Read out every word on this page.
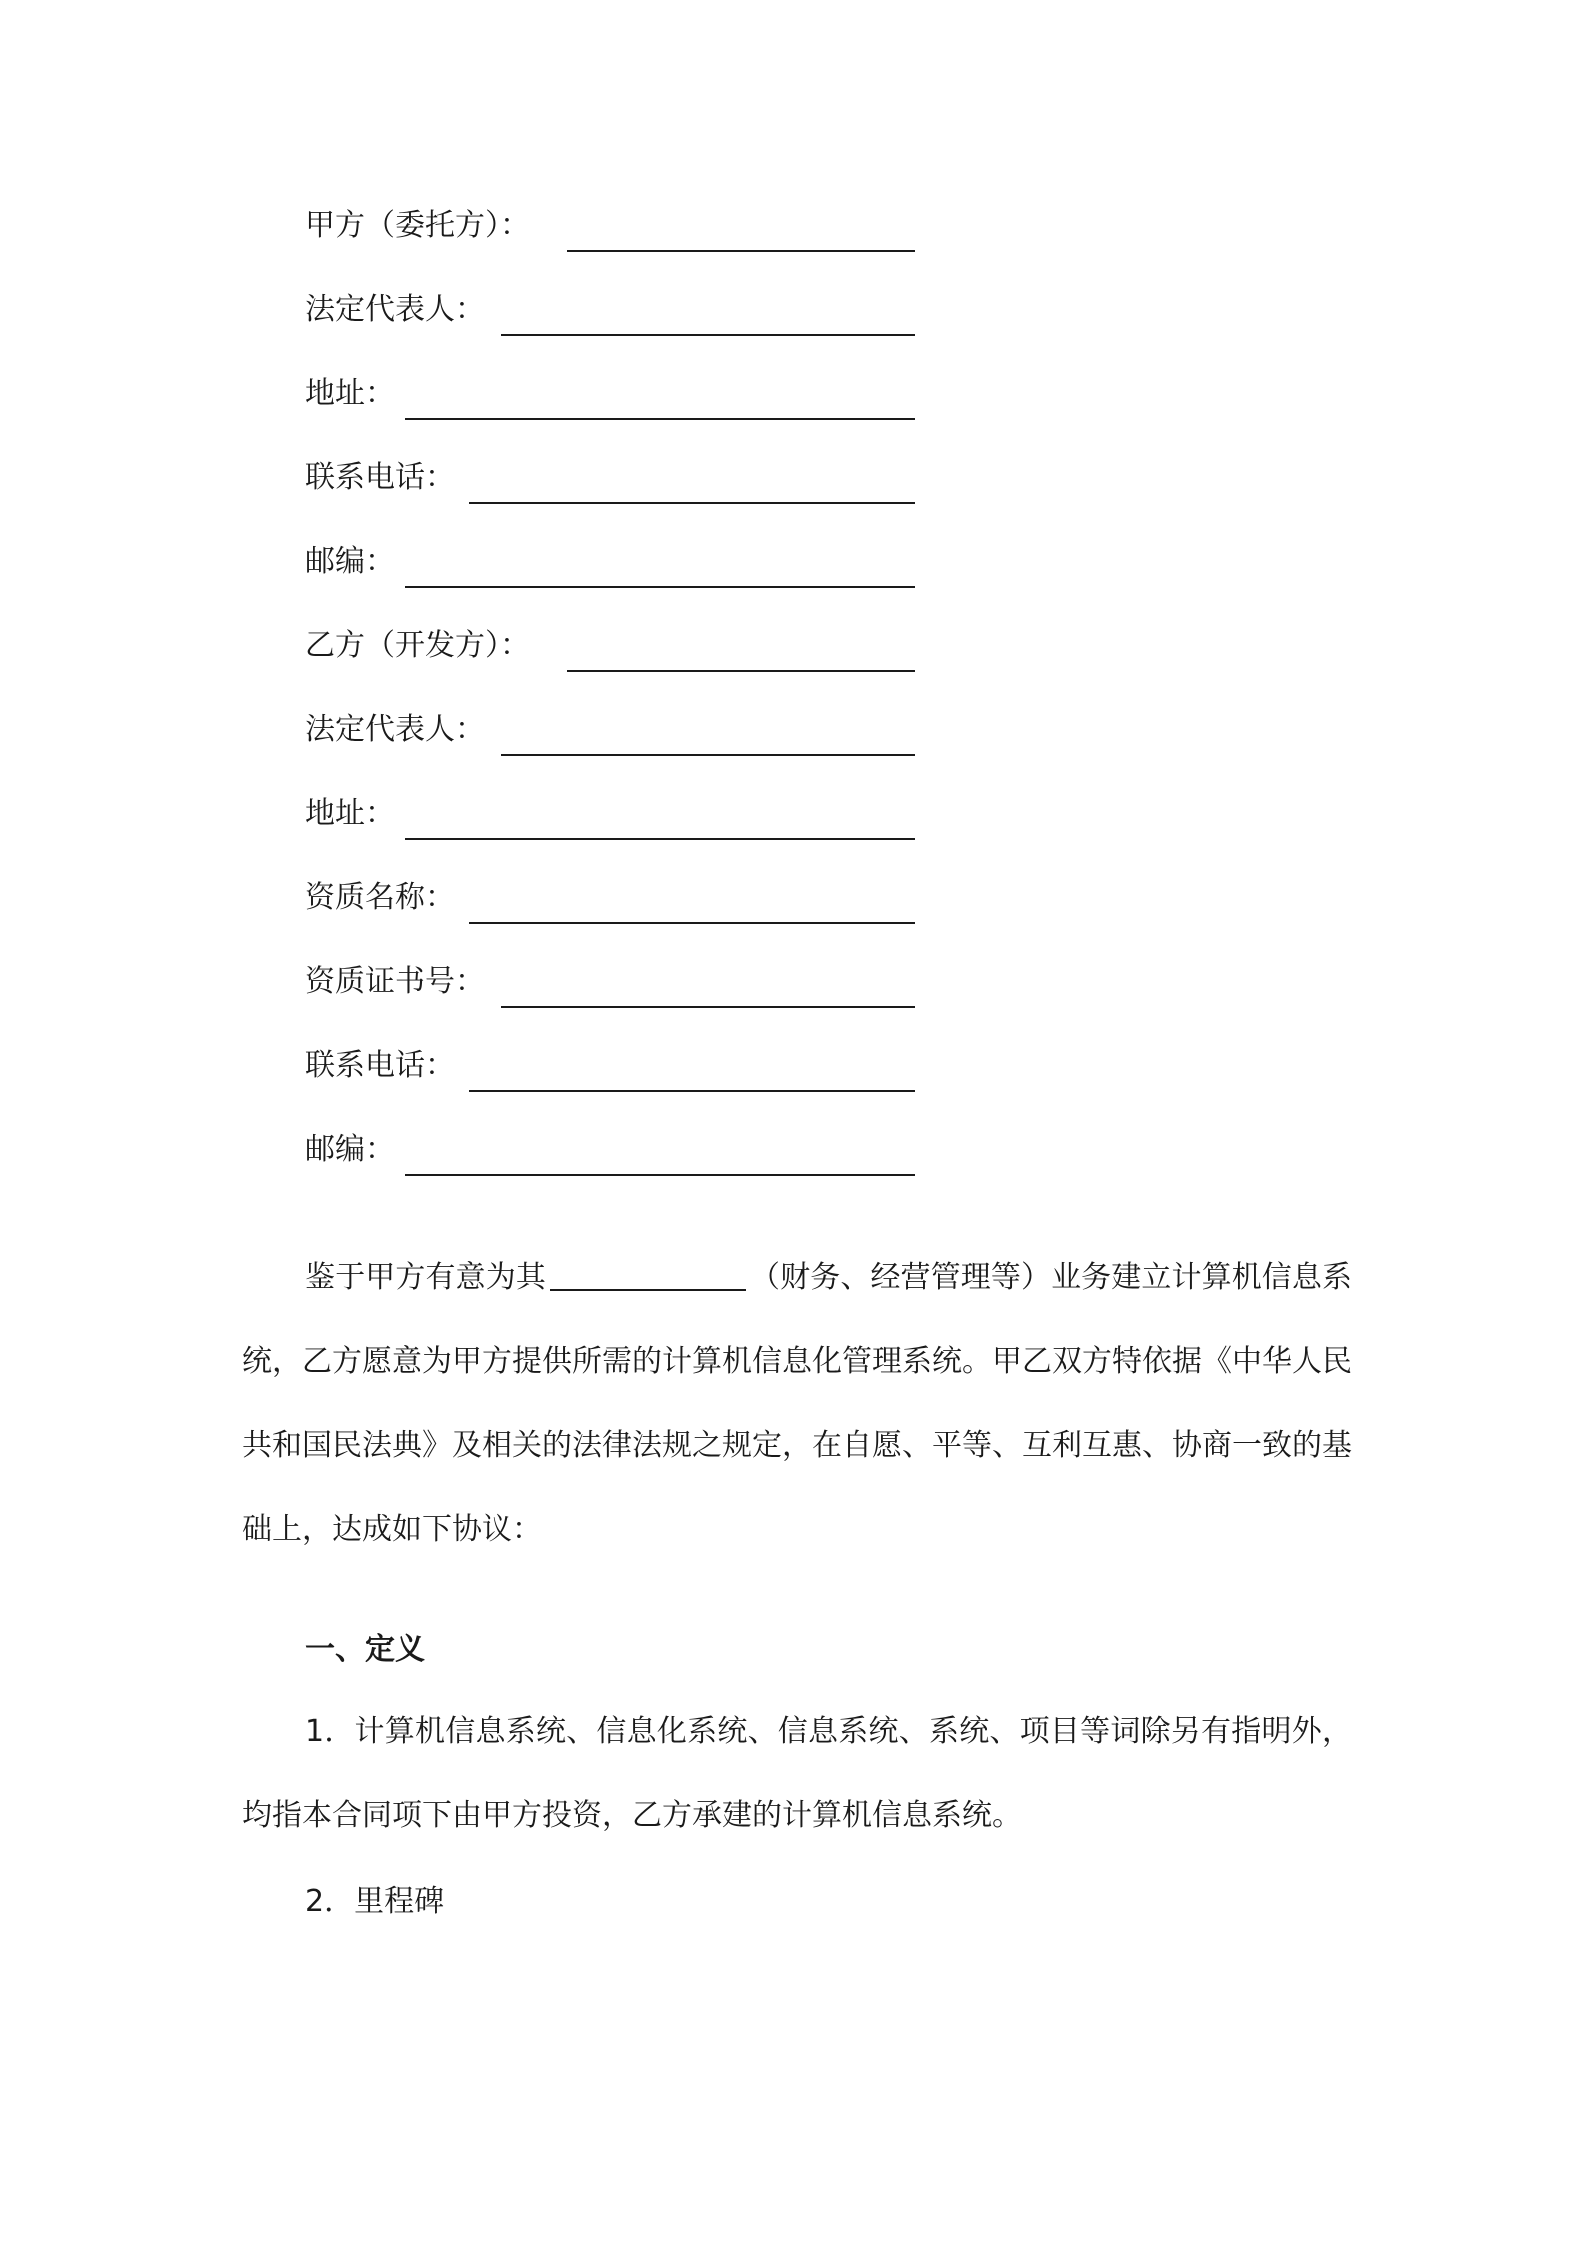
甲方（委托方）：
法定代表人：
地址：
联系电话：
邮编：
乙方（开发方）：
法定代表人：
地址：
资质名称：
资质证书号：
联系电话：
邮编：
鉴于甲方有意为其	（财务、经营管理等）业务建立计算机信息系统，乙方愿意为甲方提供所需的计算机信息化管理系统。甲乙双方特依据《中华人民共和国民法典》及相关的法律法规之规定，在自愿、平等、互利互惠、协商一致的基础上，达成如下协议：
一、定义
1．计算机信息系统、信息化系统、信息系统、系统、项目等词除另有指明外，均指本合同项下由甲方投资，乙方承建的计算机信息系统。
2．里程碑
